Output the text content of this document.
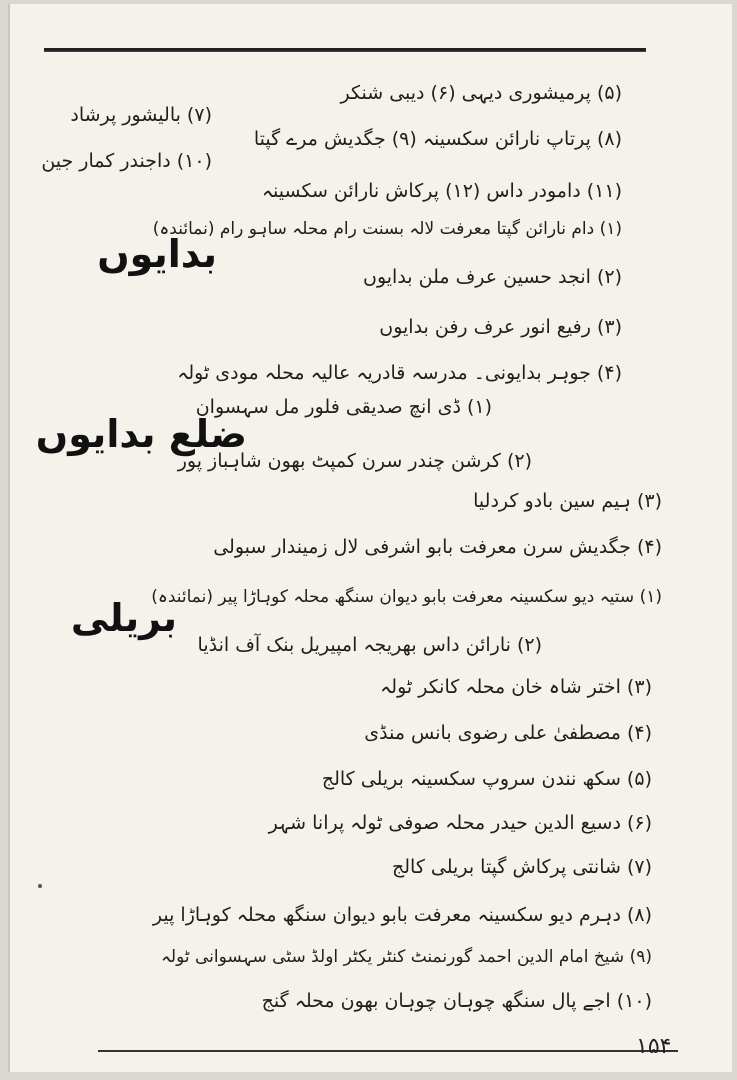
(۵) پرمیشوری دیہی (۶) دیبی شنکر
(۷) بالیشور پرشاد
(۸) پرتاپ نارائن سکسینہ (۹) جگدیش مرے گپتا
(۱۰) داجندر کمار جین
(۱۱) دامودر داس (۱۲) پرکاش نارائن سکسینہ
بدایوں
(۱) دام نارائن گپتا معرفت لالہ بسنت رام محلہ ساہو رام (نمائندہ)
(۲) انجد حسین عرف ملن بدایوں
(۳) رفیع انور عرف رفن بدایوں
(۴) جوہر بدایونی۔ مدرسہ قادریہ عالیہ محلہ مودی ٹولہ
ضلع بدایوں
(۱) ڈی انچ صدیقی فلور مل سہسوان
(۲) کرشن چندر سرن کمپٹ بھون شاہباز پور
(۳) ہیم سین بادو کردلیا
(۴) جگدیش سرن معرفت بابو اشرفی لال زمیندار سبولی
بریلی
(۱) ستیہ دیو سکسینہ معرفت بابو دیوان سنگھ محلہ کوہاڑا پیر (نمائندہ)
(۲) نارائن داس بھریجہ امپیریل بنک آف انڈیا
(۳) اختر شاہ خان محلہ کانکر ٹولہ
(۴) مصطفیٰ علی رضوی بانس منڈی
(۵) سکھ نندن سروپ سکسینہ بریلی کالج
(۶) دسیع الدین حیدر محلہ صوفی ٹولہ پرانا شہر
(۷) شانتی پرکاش گپتا بریلی کالج
(۸) دہرم دیو سکسینہ معرفت بابو دیوان سنگھ محلہ کوہاڑا پیر
(۹) شیخ امام الدین احمد گورنمنٹ کنٹر یکٹر اولڈ سٹی سہسوانی ٹولہ
(۱۰) اجے پال سنگھ چوہان چوہان بھون محلہ گنج
۱۵۴
